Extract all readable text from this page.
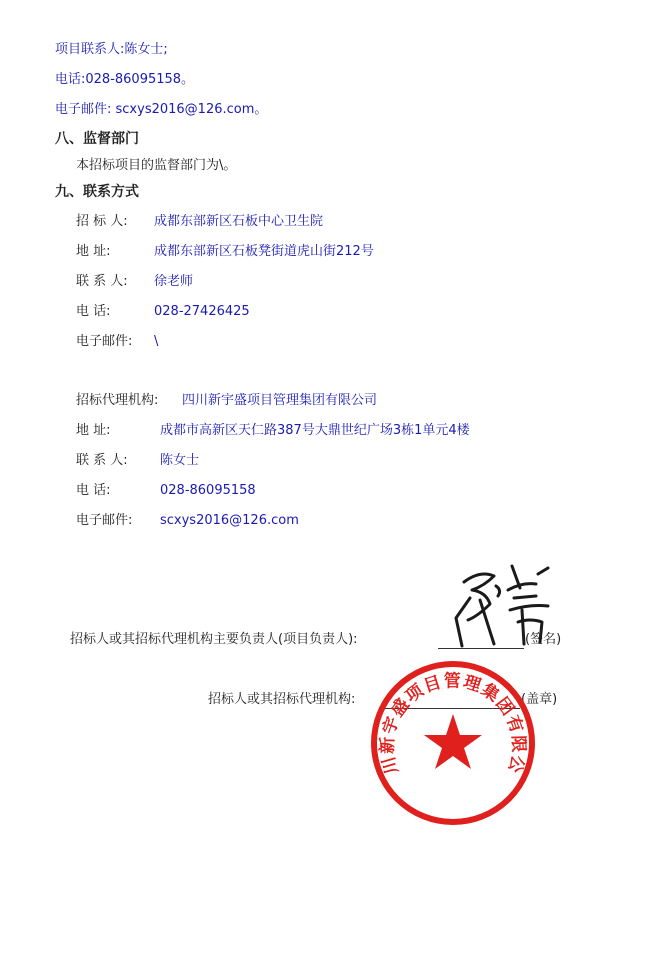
项目联系人:陈女士;
电话:028-86095158。
电子邮件: scxys2016@126.com。
八、监督部门
本招标项目的监督部门为\。
九、联系方式
招 标 人: 成都东部新区石板中心卫生院
地 址:	成都东部新区石板凳街道虎山街212号
联 系 人: 徐老师
电 话:	028-27426425
电子邮件: \
招标代理机构: 四川新宇盛项目管理集团有限公司
地 址:	成都市高新区天仁路387号大鼎世纪广场3栋1单元4楼
联 系 人: 陈女士
电 话:	028-86095158
电子邮件: scxys2016@126.com
招标人或其招标代理机构主要负责人(项目负责人):	(签名)
招标人或其招标代理机构:	(盖章)
四川新宇盛项目管理集团有限公司
